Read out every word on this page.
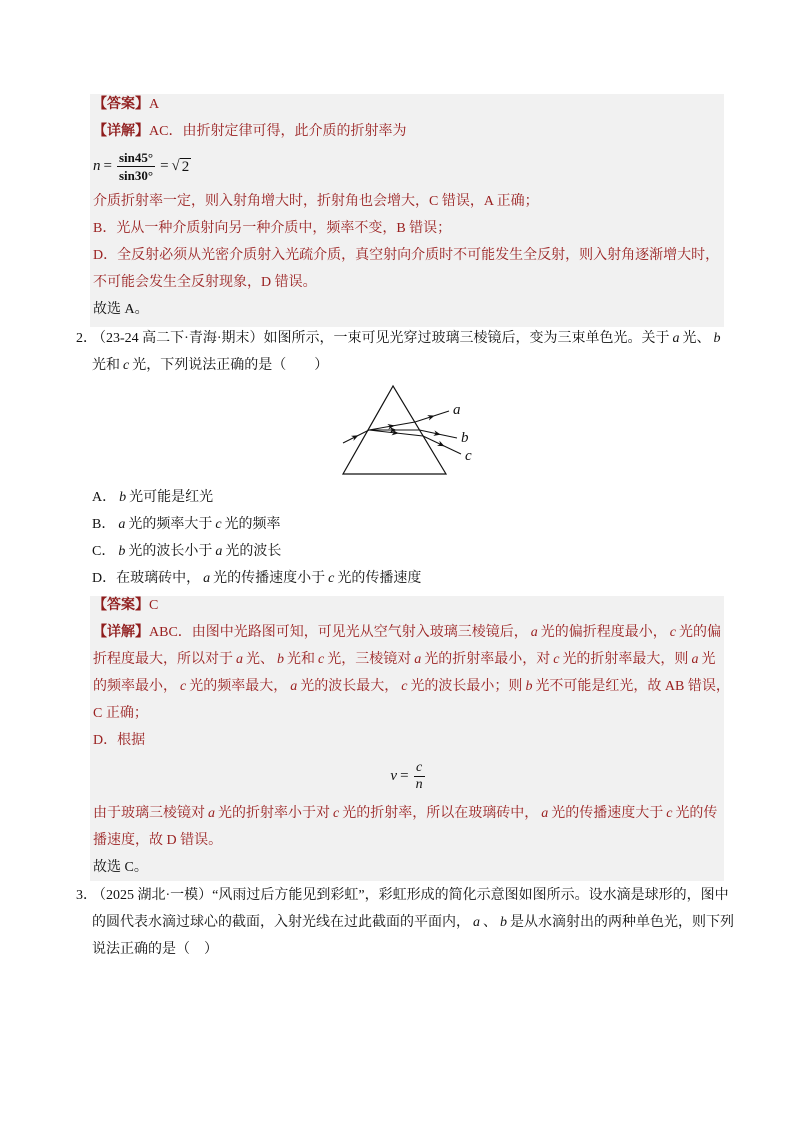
【答案】A
【详解】AC．由折射定律可得，此介质的折射率为
$n = \frac{\sin 45^\circ}{\sin 30^\circ}$ = √ 2
介质折射率一定，则入射角增大时，折射角也会增大，C 错误，A 正确；
B．光从一种介质射向另一种介质中，频率不变，B 错误；
D．全反射必须从光密介质射入光疏介质，真空射向介质时不可能发生全反射，则入射角逐渐增大时，
不可能会发生全反射现象，D 错误。
故选 A。
2．（23-24 高二下·青海·期末）如图所示，一束可见光穿过玻璃三棱镜后，变为三束单色光。关于 a 光、 b
光和 c 光，下列说法正确的是（　　）
a
b
c
A． b 光可能是红光
B． a 光的频率大于 c 光的频率
C． b 光的波长小于 a 光的波长
D．在玻璃砖中， a 光的传播速度小于 c 光的传播速度
【答案】C
【详解】ABC．由图中光路图可知，可见光从空气射入玻璃三棱镜后， a 光的偏折程度最小， c 光的偏
折程度最大，所以对于 a 光、 b 光和 c 光，三棱镜对 a 光的折射率最小，对 c 光的折射率最大，则 a 光
的频率最小， c 光的频率最大， a 光的波长最大， c 光的波长最小；则 b 光不可能是红光，故 AB 错误，
C 正确；
D．根据
$v = \frac{c}{n}$
由于玻璃三棱镜对 a 光的折射率小于对 c 光的折射率，所以在玻璃砖中， a 光的传播速度大于 c 光的传
播速度，故 D 错误。
故选 C。
3．（2025 湖北·一模）“风雨过后方能见到彩虹”，彩虹形成的简化示意图如图所示。设水滴是球形的，图中
的圆代表水滴过球心的截面，入射光线在过此截面的平面内， a 、 b 是从水滴射出的两种单色光，则下列
说法正确的是（　）
